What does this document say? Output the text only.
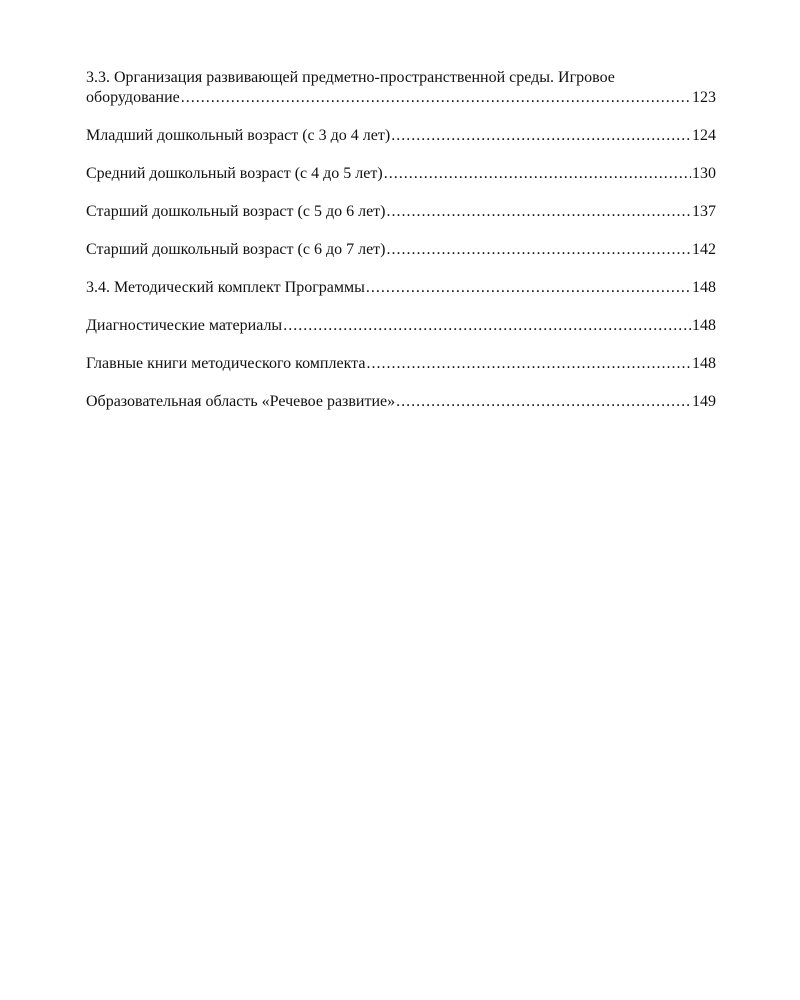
3.3. Организация развивающей предметно-пространственной среды. Игровое
оборудование .....	123
Младший дошкольный возраст (с 3 до 4 лет) .....	124
Средний дошкольный возраст (с 4 до 5 лет) .....	130
Старший дошкольный возраст (с 5 до 6 лет) .....	137
Старший дошкольный возраст (с 6 до 7 лет) .....	142
3.4. Методический комплект Программы .....	148
Диагностические материалы .....	148
Главные книги методического комплекта .....	148
Образовательная область «Речевое развитие» .....	149
